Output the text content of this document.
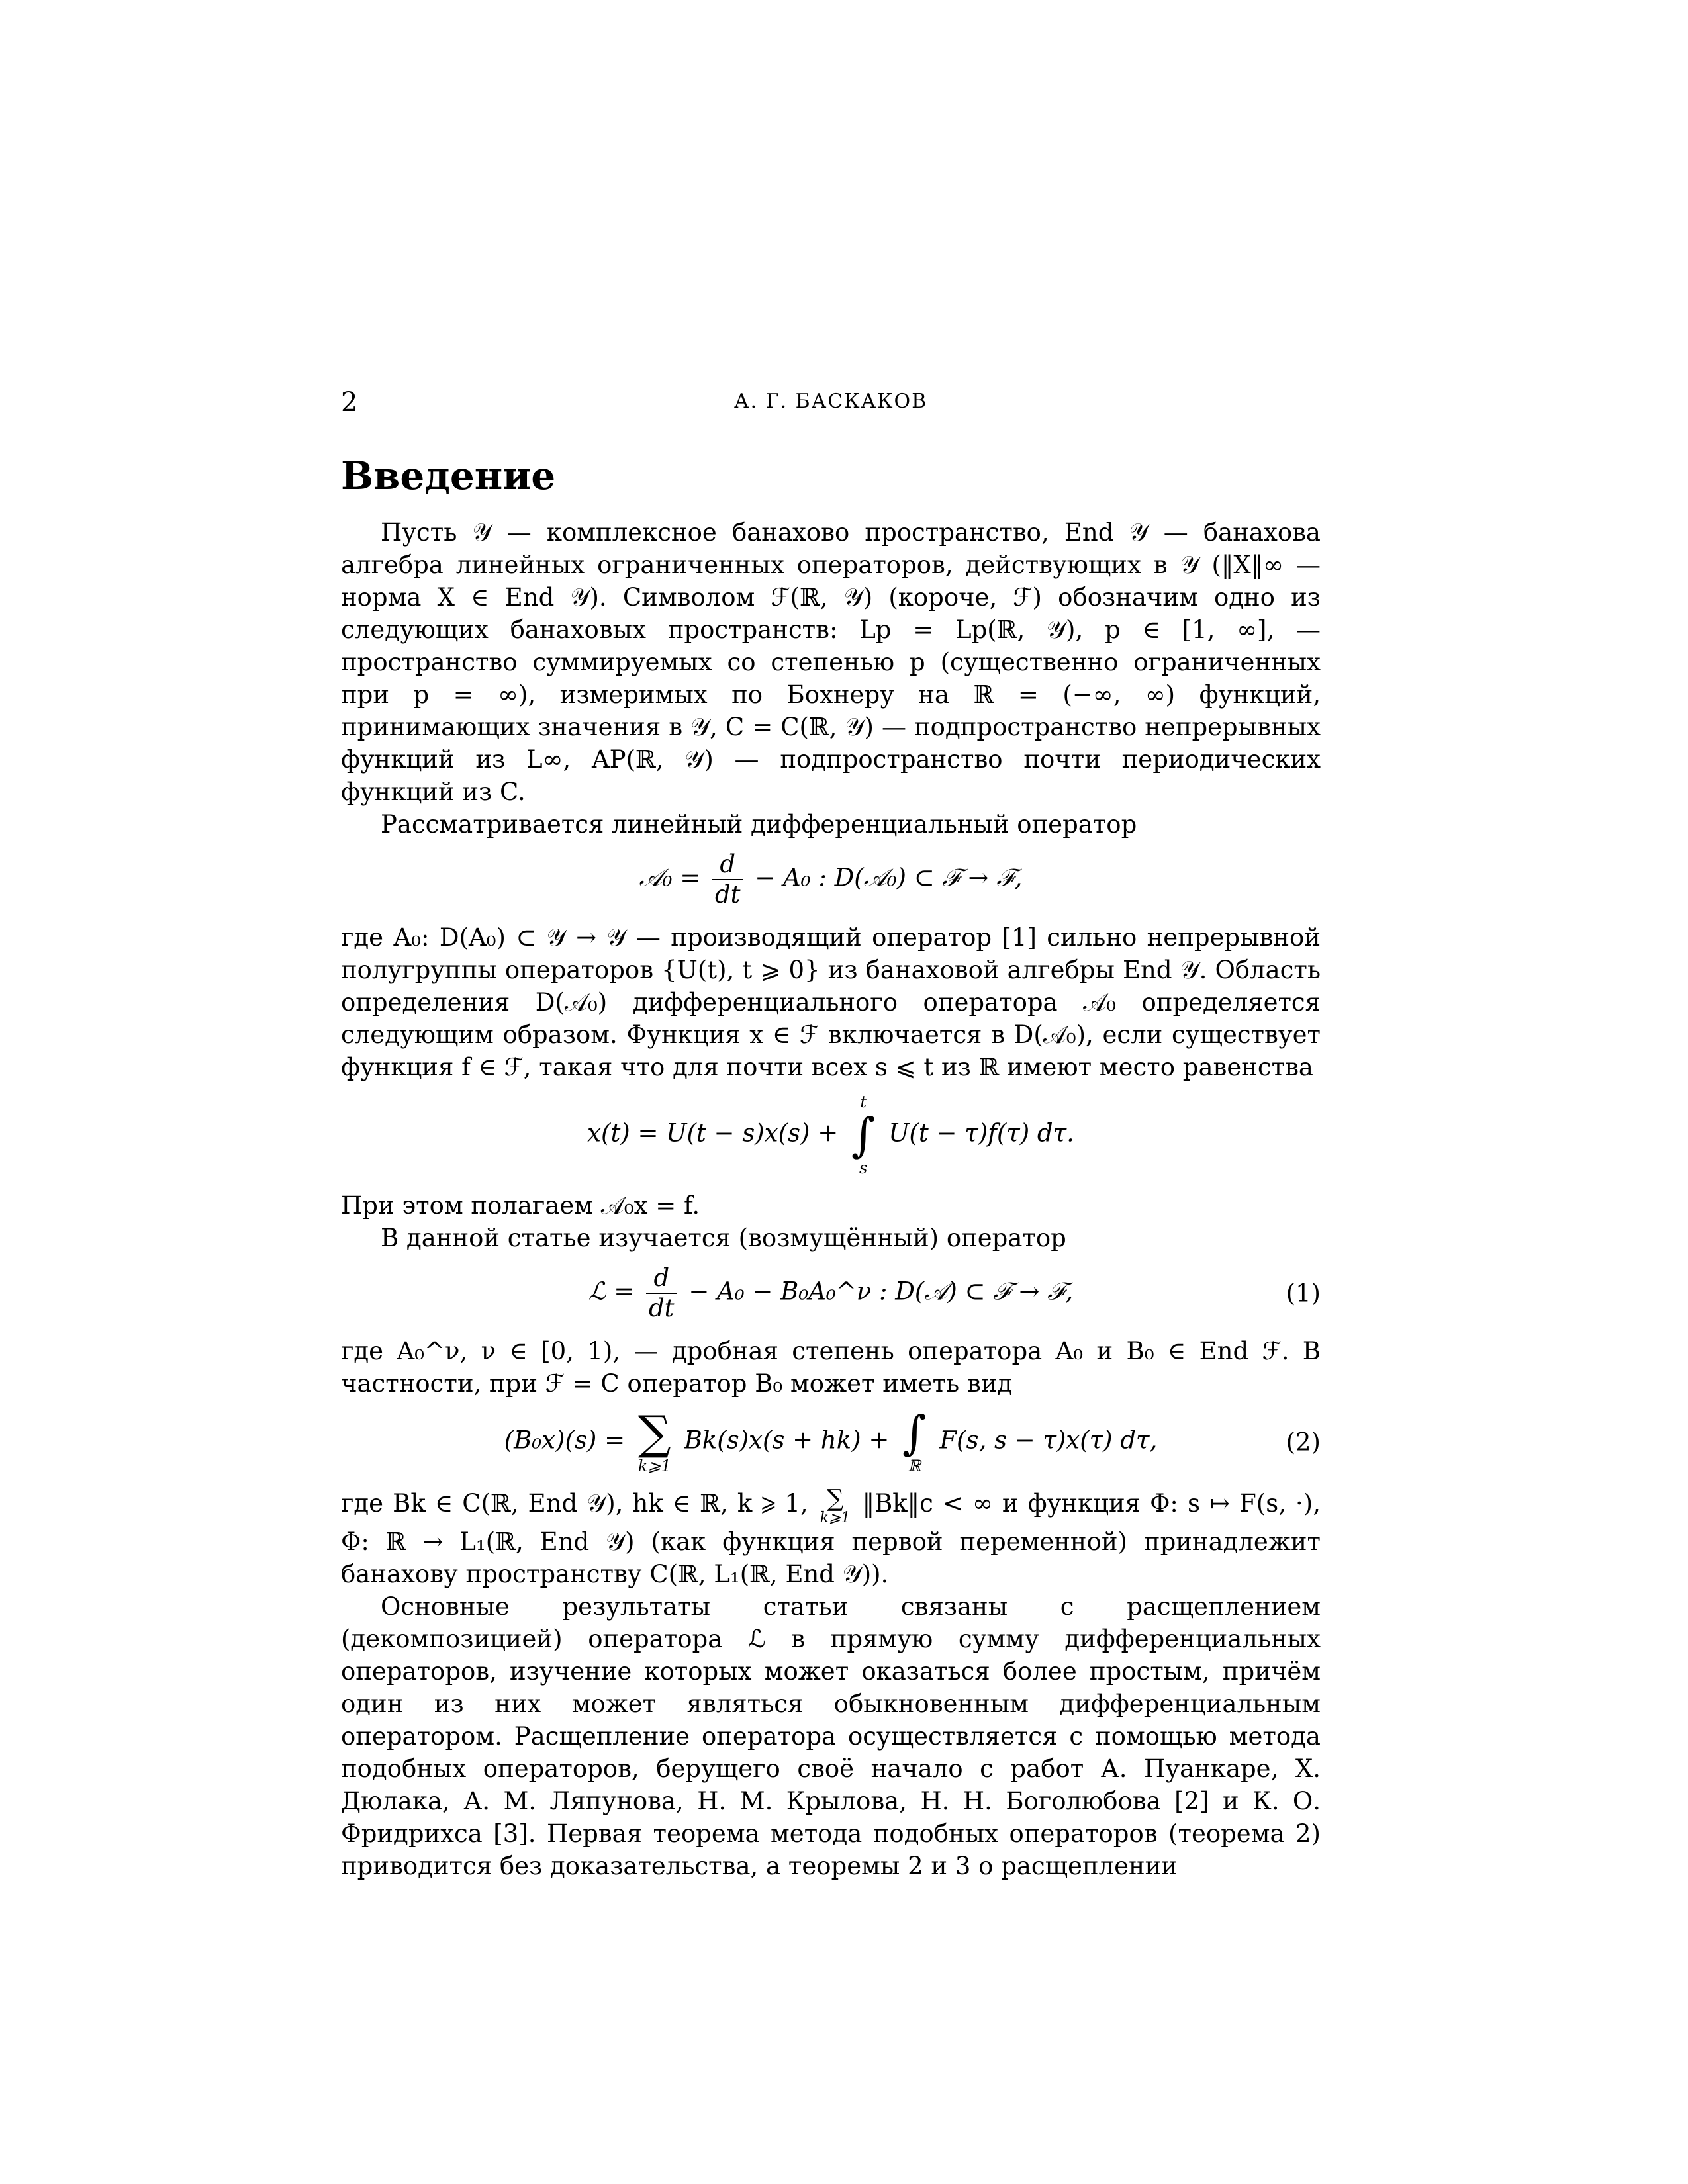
2	А. Г. БАСКАКОВ
Введение

Пусть 𝒴 — комплексное банахово пространство, End 𝒴 — банахова алгебра линейных ограниченных операторов, действующих в 𝒴 (‖X‖∞ — норма X ∈ End 𝒴). Символом ℱ(ℝ, 𝒴) (короче, ℱ) обозначим одно из следующих банаховых пространств: Lp = Lp(ℝ, 𝒴), p ∈ [1, ∞], — пространство суммируемых со степенью p (существенно ограниченных при p = ∞), измеримых по Бохнеру на ℝ = (−∞, ∞) функций, принимающих значения в 𝒴, C = C(ℝ, 𝒴) — подпространство непрерывных функций из L∞, AP(ℝ, 𝒴) — подпространство почти периодических функций из C.

Рассматривается линейный дифференциальный оператор

𝒜₀ = $\frac{d}{dt} - A_0$ : D(𝒜₀) ⊂ ℱ → ℱ,

где A₀: D(A₀) ⊂ 𝒴 → 𝒴 — производящий оператор [1] сильно непрерывной полугруппы операторов {U(t), t ⩾ 0} из банаховой алгебры End 𝒴. Область определения D(𝒜₀) дифференциального оператора 𝒜₀ определяется следующим образом. Функция x ∈ ℱ включается в D(𝒜₀), если существует функция f ∈ ℱ, такая что для почти всех s ⩽ t из ℝ имеют место равенства

x(t) = U(t − s)x(s) +
t
∫
s
U(t − τ)f(τ) dτ.

При этом полагаем 𝒜₀x = f.

В данной статье изучается (возмущённый) оператор

ℒ = $\frac{d}{dt} - A_0$ − B₀A₀^ν : D(𝒜) ⊂ ℱ → ℱ,	(1)

где A₀^ν, ν ∈ [0, 1), — дробная степень оператора A₀ и B₀ ∈ End ℱ. В частности, при ℱ = C оператор B₀ может иметь вид

(B₀x)(s) = ∑
k⩾1
Bk(s)x(s + hk) + ∫
ℝ
F(s, s − τ)x(τ) dτ,	(2)

где Bk ∈ C(ℝ, End 𝒴), hk ∈ ℝ, k ⩾ 1, ∑
k⩾1
‖Bk‖c < ∞ и функция Φ: s ↦ F(s, ·), Φ: ℝ → L₁(ℝ, End 𝒴) (как функция первой переменной) принадлежит банахову пространству C(ℝ, L₁(ℝ, End 𝒴)).

Основные результаты статьи связаны с расщеплением (декомпозицией) оператора ℒ в прямую сумму дифференциальных операторов, изучение которых может оказаться более простым, причём один из них может являться обыкновенным дифференциальным оператором. Расщепление оператора осуществляется с помощью метода подобных операторов, берущего своё начало с работ А. Пуанкаре, Х. Дюлака, А. М. Ляпунова, Н. М. Крылова, Н. Н. Боголюбова [2] и К. О. Фридрихса [3]. Первая теорема метода подобных операторов (теорема 2) приводится без доказательства, а теоремы 2 и 3 о расщеплении
